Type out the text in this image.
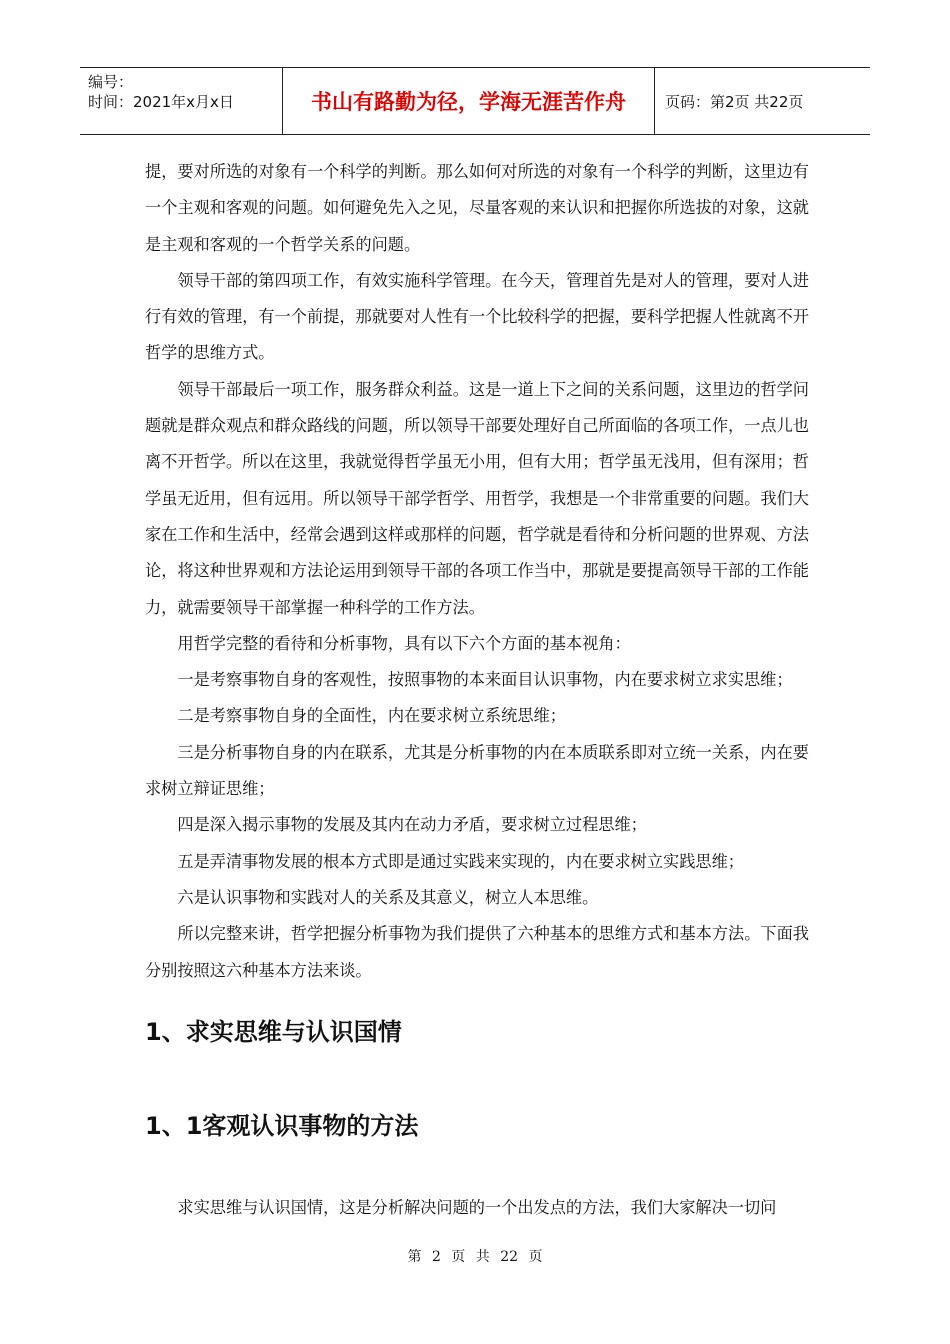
编号：
时间：2021年x月x日	书山有路勤为径，学海无涯苦作舟	页码：第2页 共22页

提，要对所选的对象有一个科学的判断。那么如何对所选的对象有一个科学的判断，这里边有一个主观和客观的问题。如何避免先入之见，尽量客观的来认识和把握你所选拔的对象，这就是主观和客观的一个哲学关系的问题。

领导干部的第四项工作，有效实施科学管理。在今天，管理首先是对人的管理，要对人进行有效的管理，有一个前提，那就要对人性有一个比较科学的把握，要科学把握人性就离不开哲学的思维方式。

领导干部最后一项工作，服务群众利益。这是一道上下之间的关系问题，这里边的哲学问题就是群众观点和群众路线的问题，所以领导干部要处理好自己所面临的各项工作，一点儿也离不开哲学。所以在这里，我就觉得哲学虽无小用，但有大用；哲学虽无浅用，但有深用；哲学虽无近用，但有远用。所以领导干部学哲学、用哲学，我想是一个非常重要的问题。我们大家在工作和生活中，经常会遇到这样或那样的问题，哲学就是看待和分析问题的世界观、方法论，将这种世界观和方法论运用到领导干部的各项工作当中，那就是要提高领导干部的工作能力，就需要领导干部掌握一种科学的工作方法。

用哲学完整的看待和分析事物，具有以下六个方面的基本视角：

一是考察事物自身的客观性，按照事物的本来面目认识事物，内在要求树立求实思维；

二是考察事物自身的全面性，内在要求树立系统思维；

三是分析事物自身的内在联系，尤其是分析事物的内在本质联系即对立统一关系，内在要求树立辩证思维；

四是深入揭示事物的发展及其内在动力矛盾，要求树立过程思维；

五是弄清事物发展的根本方式即是通过实践来实现的，内在要求树立实践思维；

六是认识事物和实践对人的关系及其意义，树立人本思维。

所以完整来讲，哲学把握分析事物为我们提供了六种基本的思维方式和基本方法。下面我分别按照这六种基本方法来谈。

1、求实思维与认识国情
1、1客观认识事物的方法
求实思维与认识国情，这是分析解决问题的一个出发点的方法，我们大家解决一切问
第 2 页 共 22 页
